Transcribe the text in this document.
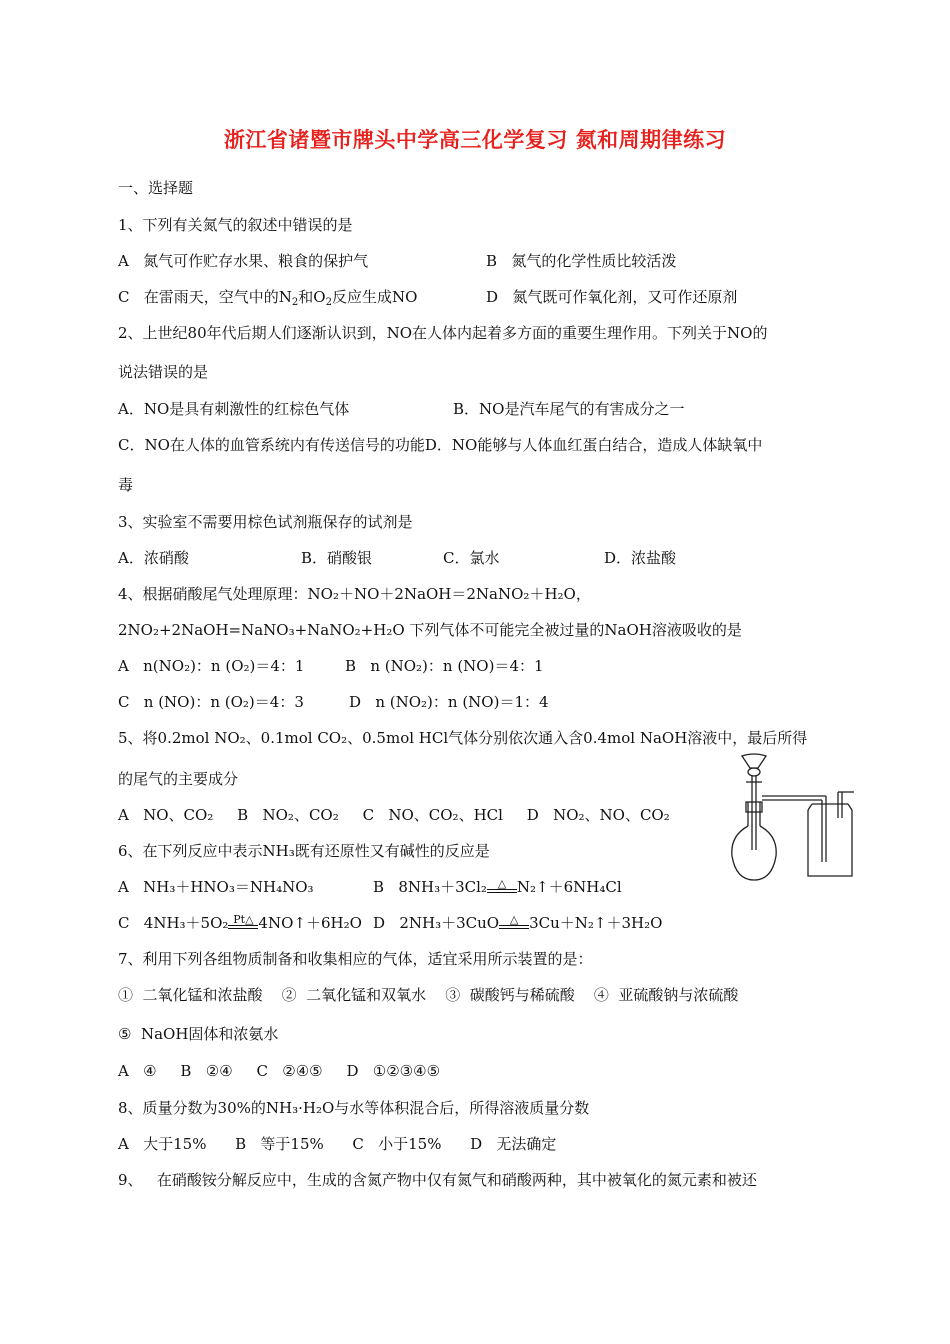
浙江省诸暨市牌头中学高三化学复习 氮和周期律练习
一、选择题
1、下列有关氮气的叙述中错误的是
A   氮气可作贮存水果、粮食的保护气	B   氮气的化学性质比较活泼
C   在雷雨天，空气中的$N_2$和$O_2$反应生成NO	D   氮气既可作氧化剂，又可作还原剂
2、上世纪80年代后期人们逐渐认识到，NO在人体内起着多方面的重要生理作用。下列关于NO的
说法错误的是
A．NO是具有刺激性的红棕色气体	B．NO是汽车尾气的有害成分之一
C．NO在人体的血管系统内有传送信号的功能D．NO能够与人体血红蛋白结合，造成人体缺氧中
毒
3、实验室不需要用棕色试剂瓶保存的试剂是
A．浓硝酸	B．硝酸银	C．氯水	D．浓盐酸
4、根据硝酸尾气处理原理：NO₂＋NO＋2NaOH＝2NaNO₂＋H₂O，
2NO₂+2NaOH=NaNO₃+NaNO₂+H₂O 下列气体不可能完全被过量的NaOH溶液吸收的是
A   n(NO₂)：n (O₂)＝4：1	B   n (NO₂)：n (NO)＝4：1
C   n (NO)：n (O₂)＝4：3	D   n (NO₂)：n (NO)＝1：4
5、将0.2mol NO₂、0.1mol CO₂、0.5mol HCl气体分别依次通入含0.4mol NaOH溶液中，最后所得
的尾气的主要成分
A   NO、CO₂     B   NO₂、CO₂     C   NO、CO₂、HCl     D   NO₂、NO、CO₂
6、在下列反应中表示NH₃既有还原性又有碱性的反应是
A   NH₃＋HNO₃＝NH₄NO₃	B   8NH₃＋3Cl₂ △ N₂↑＋6NH₄Cl
C   4NH₃＋5O₂ Pt△ 4NO↑＋6H₂O D   2NH₃＋3CuO △ 3Cu＋N₂↑＋3H₂O
7、利用下列各组物质制备和收集相应的气体，适宜采用所示装置的是：
①  二氧化锰和浓盐酸    ②  二氧化锰和双氧水    ③  碳酸钙与稀硫酸    ④  亚硫酸钠与浓硫酸
⑤  NaOH固体和浓氨水
A   ④     B   ②④     C   ②④⑤     D   ①②③④⑤
8、质量分数为30%的NH₃·H₂O与水等体积混合后，所得溶液质量分数
A   大于15%      B   等于15%      C   小于15%      D   无法确定
9、   在硝酸铵分解反应中，生成的含氮产物中仅有氮气和硝酸两种，其中被氧化的氮元素和被还
